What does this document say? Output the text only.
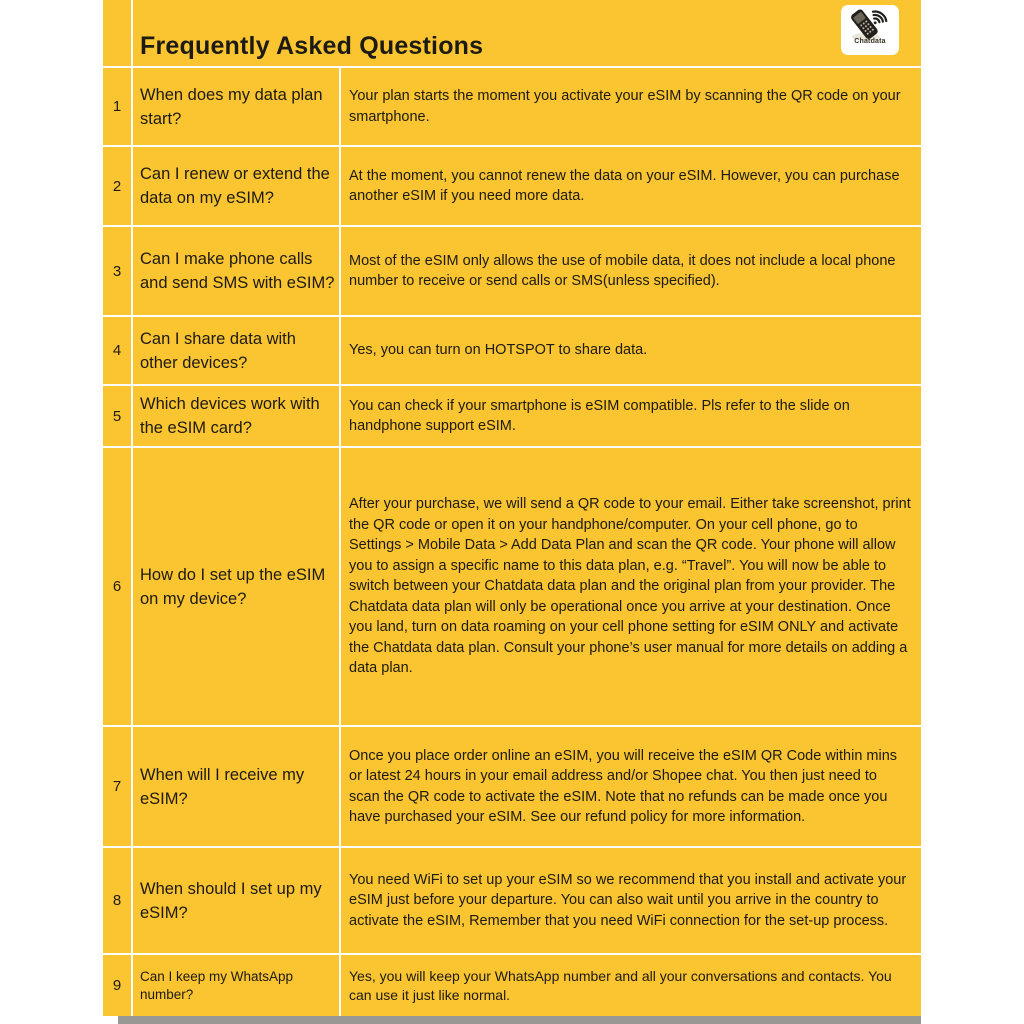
Frequently Asked Questions	Chatdata
1
When does my data plan start?
Your plan starts the moment you activate your eSIM by scanning the QR code on your smartphone.
2
Can I renew or extend the data on my eSIM?
At the moment, you cannot renew the data on your eSIM. However, you can purchase another eSIM if you need more data.
3
Can I make phone calls and send SMS with eSIM?
Most of the eSIM only allows the use of mobile data, it does not include a local phone number to receive or send calls or SMS(unless specified).
4
Can I share data with other devices?
Yes, you can turn on HOTSPOT to share data.
5
Which devices work with the eSIM card?
You can check if your smartphone is eSIM compatible. Pls refer to the slide on handphone support eSIM.
6
How do I set up the eSIM on my device?
After your purchase, we will send a QR code to your email. Either take screenshot, print the QR code or open it on your handphone/computer. On your cell phone, go to Settings > Mobile Data > Add Data Plan and scan the QR code. Your phone will allow you to assign a specific name to this data plan, e.g. “Travel”. You will now be able to switch between your Chatdata data plan and the original plan from your provider. The Chatdata data plan will only be operational once you arrive at your destination. Once you land, turn on data roaming on your cell phone setting for eSIM ONLY and activate the Chatdata data plan. Consult your phone’s user manual for more details on adding a data plan.
7
When will I receive my eSIM?
Once you place order online an eSIM, you will receive the eSIM QR Code within mins or latest 24 hours in your email address and/or Shopee chat. You then just need to scan the QR code to activate the eSIM. Note that no refunds can be made once you have purchased your eSIM. See our refund policy for more information.
8
When should I set up my eSIM?
You need WiFi to set up your eSIM so we recommend that you install and activate your eSIM just before your departure. You can also wait until you arrive in the country to activate the eSIM, Remember that you need WiFi connection for the set-up process.
9
Can I keep my WhatsApp number?
Yes, you will keep your WhatsApp number and all your conversations and contacts. You can use it just like normal.
